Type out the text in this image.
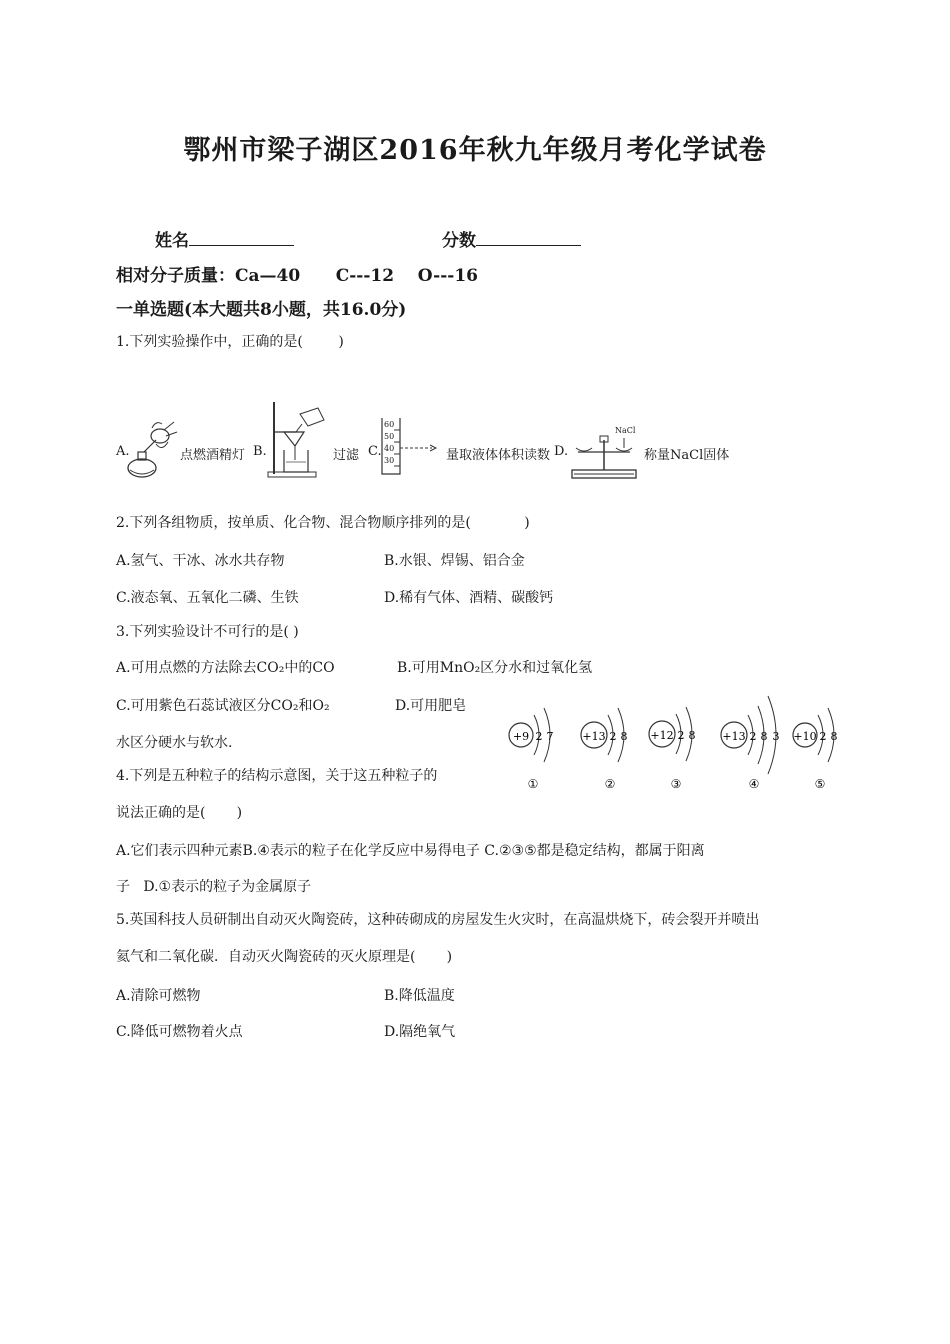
鄂州市梁子湖区2016年秋九年级月考化学试卷
姓名	分数
相对分子质量：Ca—40      C---12    O---16
一单选题(本大题共8小题，共16.0分)
1.下列实验操作中，正确的是(        )
A.	点燃酒精灯 B.	过滤 C.
60
50
40
30	量取液体体积读数 D.
NaCl
称量NaCl固体
2.下列各组物质，按单质、化合物、混合物顺序排列的是(            )
A.氢气、干冰、冰水共存物	B.水银、焊锡、铝合金
C.液态氧、五氧化二磷、生铁	D.稀有气体、酒精、碳酸钙
3.下列实验设计不可行的是( )
A.可用点燃的方法除去CO₂中的CO	B.可用MnO₂区分水和过氧化氢
C.可用紫色石蕊试液区分CO₂和O₂	D.可用肥皂
水区分硬水与软水.
4.下列是五种粒子的结构示意图，关于这五种粒子的
说法正确的是(       )
+9 2 7
①
+13 2 8
②
+12 2 8
③
+13 2 8 3
④
+10 2 8
⑤
A.它们表示四种元素B.④表示的粒子在化学反应中易得电子 C.②③⑤都是稳定结构，都属于阳离
子   D.①表示的粒子为金属原子
5.英国科技人员研制出自动灭火陶瓷砖，这种砖砌成的房屋发生火灾时，在高温烘烧下，砖会裂开并喷出
氦气和二氧化碳．自动灭火陶瓷砖的灭火原理是(       )
A.清除可燃物	B.降低温度
C.降低可燃物着火点	D.隔绝氧气
